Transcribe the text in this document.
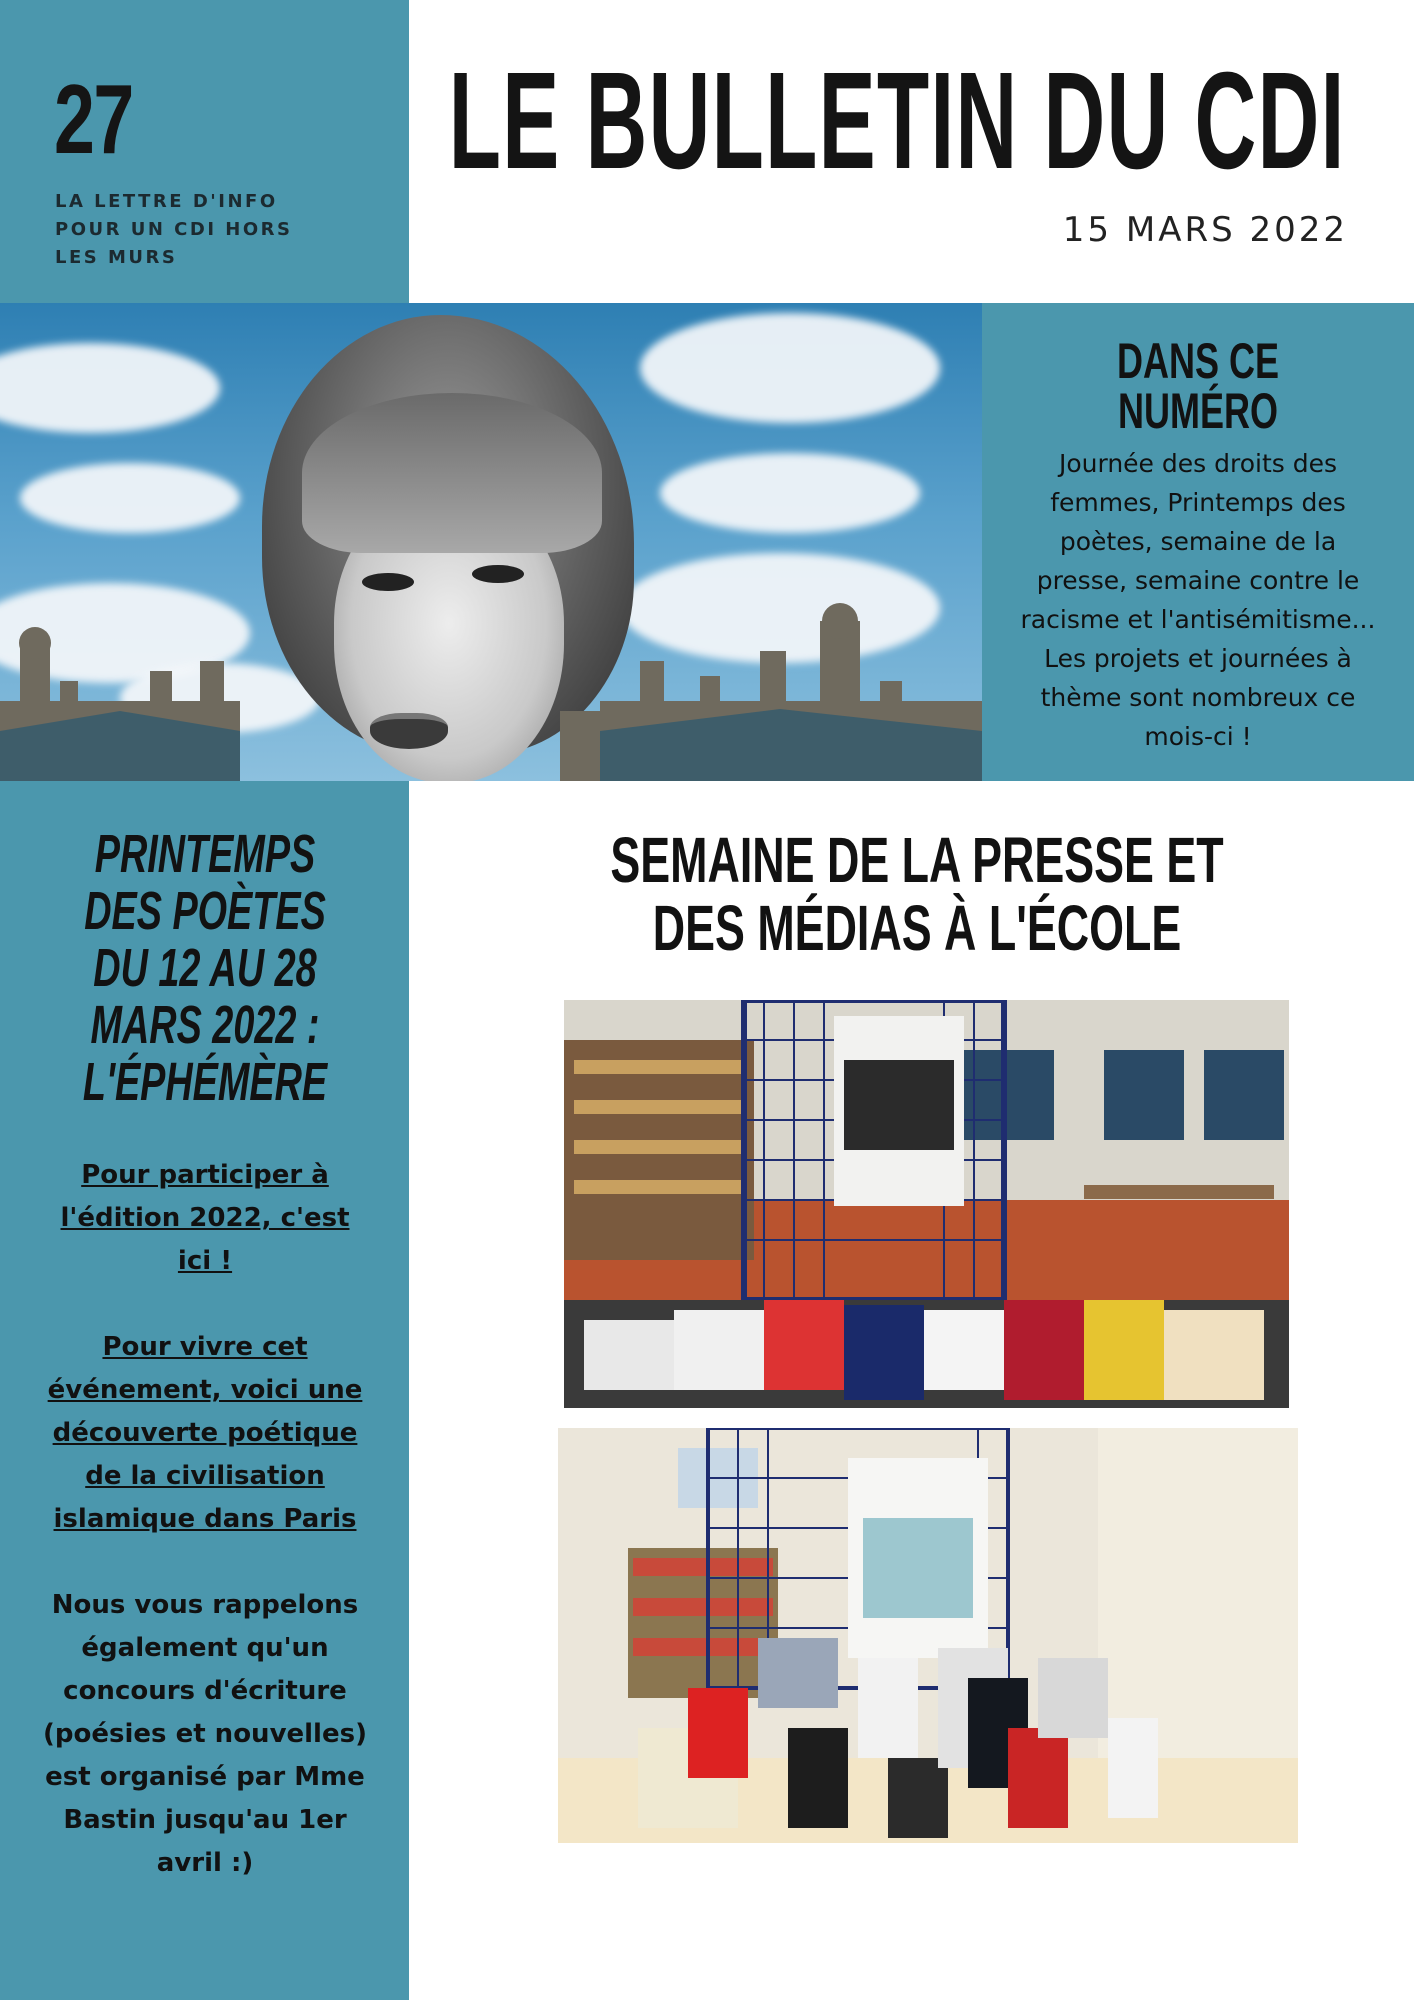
27
LA LETTRE D'INFO
POUR UN CDI HORS
LES MURS
LE BULLETIN DU CDI
15 MARS 2022
DANS CE NUMÉRO
Journée des droits des femmes, Printemps des poètes, semaine de la presse, semaine contre le racisme et l'antisémitisme... Les projets et journées à thème sont nombreux ce mois-ci !
PRINTEMPS DES POÈTES DU 12 AU 28 MARS 2022 : L'ÉPHÉMÈRE
Pour participer à l'édition 2022, c'est ici !
Pour vivre cet événement, voici une découverte poétique de la civilisation islamique dans Paris
Nous vous rappelons également qu'un concours d'écriture (poésies et nouvelles) est organisé par Mme Bastin jusqu'au 1er avril :)
SEMAINE DE LA PRESSE ET DES MÉDIAS À L'ÉCOLE
